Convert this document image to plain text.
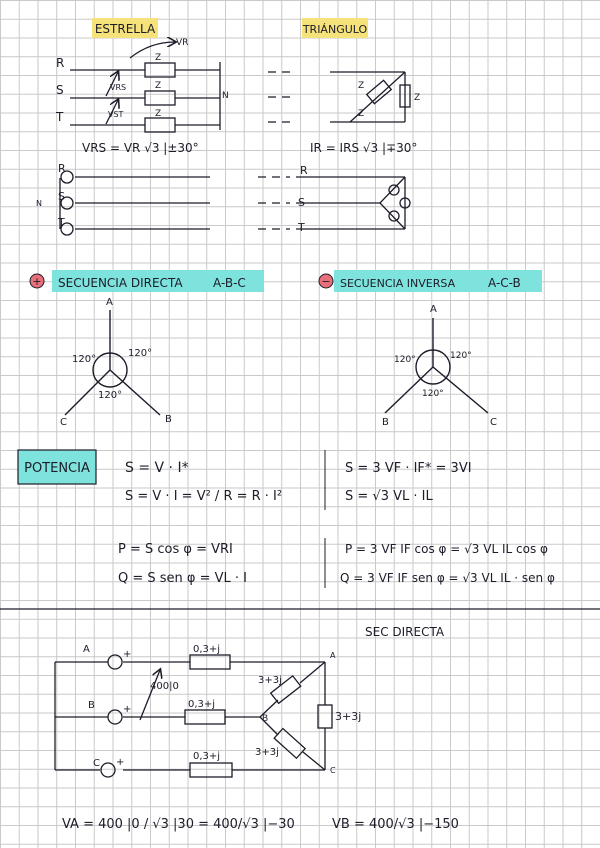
ESTRELLA	TRIÁNGULO
R
S
T
N
VR
VRS
VST
Z
Z
Z
VRS = VR √3 |±30°
Z
Z
Z
IR = IRS √3 |∓30°
R
S
T
N
R
S
T
+ SECUENCIA DIRECTA	A-B-C	− SECUENCIA INVERSA	A-C-B
A
C	B
120°
120°
120°
A
B	C
120°	120°
120°
POTENCIA	S = V · I*
S = V · I = V² / R = R · I²
S = 3 VF · IF* = 3VI
S = √3 VL · IL
P = S cos φ = VRI
Q = S sen φ = VL · I
P = 3 VF IF cos φ = √3 VL IL cos φ
Q = 3 VF IF sen φ = √3 VL IL · sen φ
SEC DIRECTA
A	+
B	+
C +
400|0
0,3+j
0,3+j
0,3+j
3+3j
3+3j
3+3j
A
B
C
VA = 400 |0 / √3 |30 = 400/√3 |−30	VB = 400/√3 |−150
